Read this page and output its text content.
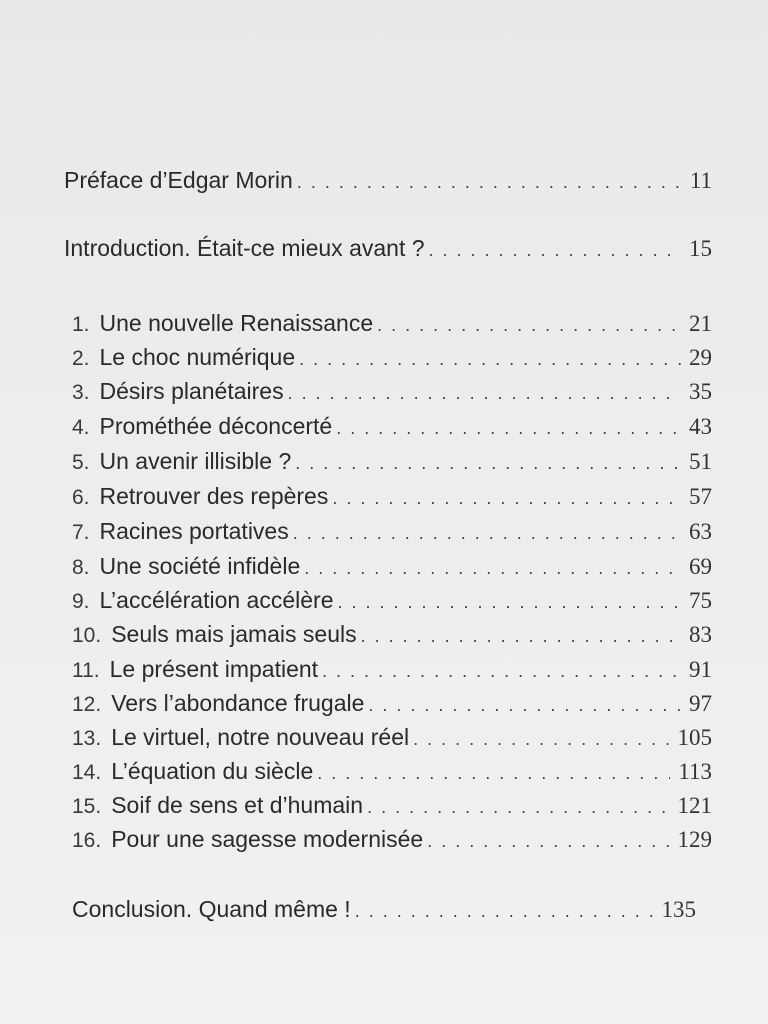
Préface d’Edgar Morin . . .	11
Introduction. Était-ce mieux avant ? . . .	15
1. Une nouvelle Renaissance . . .	21
2. Le choc numérique . . .	29
3. Désirs planétaires . . .	35
4. Prométhée déconcerté . . .	43
5. Un avenir illisible ? . . .	51
6. Retrouver des repères . . .	57
7. Racines portatives . . .	63
8. Une société infidèle . . .	69
9. L’accélération accélère . . .	75
10. Seuls mais jamais seuls . . .	83
11. Le présent impatient . . .	91
12. Vers l’abondance frugale . . .	97
13. Le virtuel, notre nouveau réel . . .	105
14. L’équation du siècle . . .	113
15. Soif de sens et d’humain . . .	121
16. Pour une sagesse modernisée . . .	129
Conclusion. Quand même ! . . .	135
